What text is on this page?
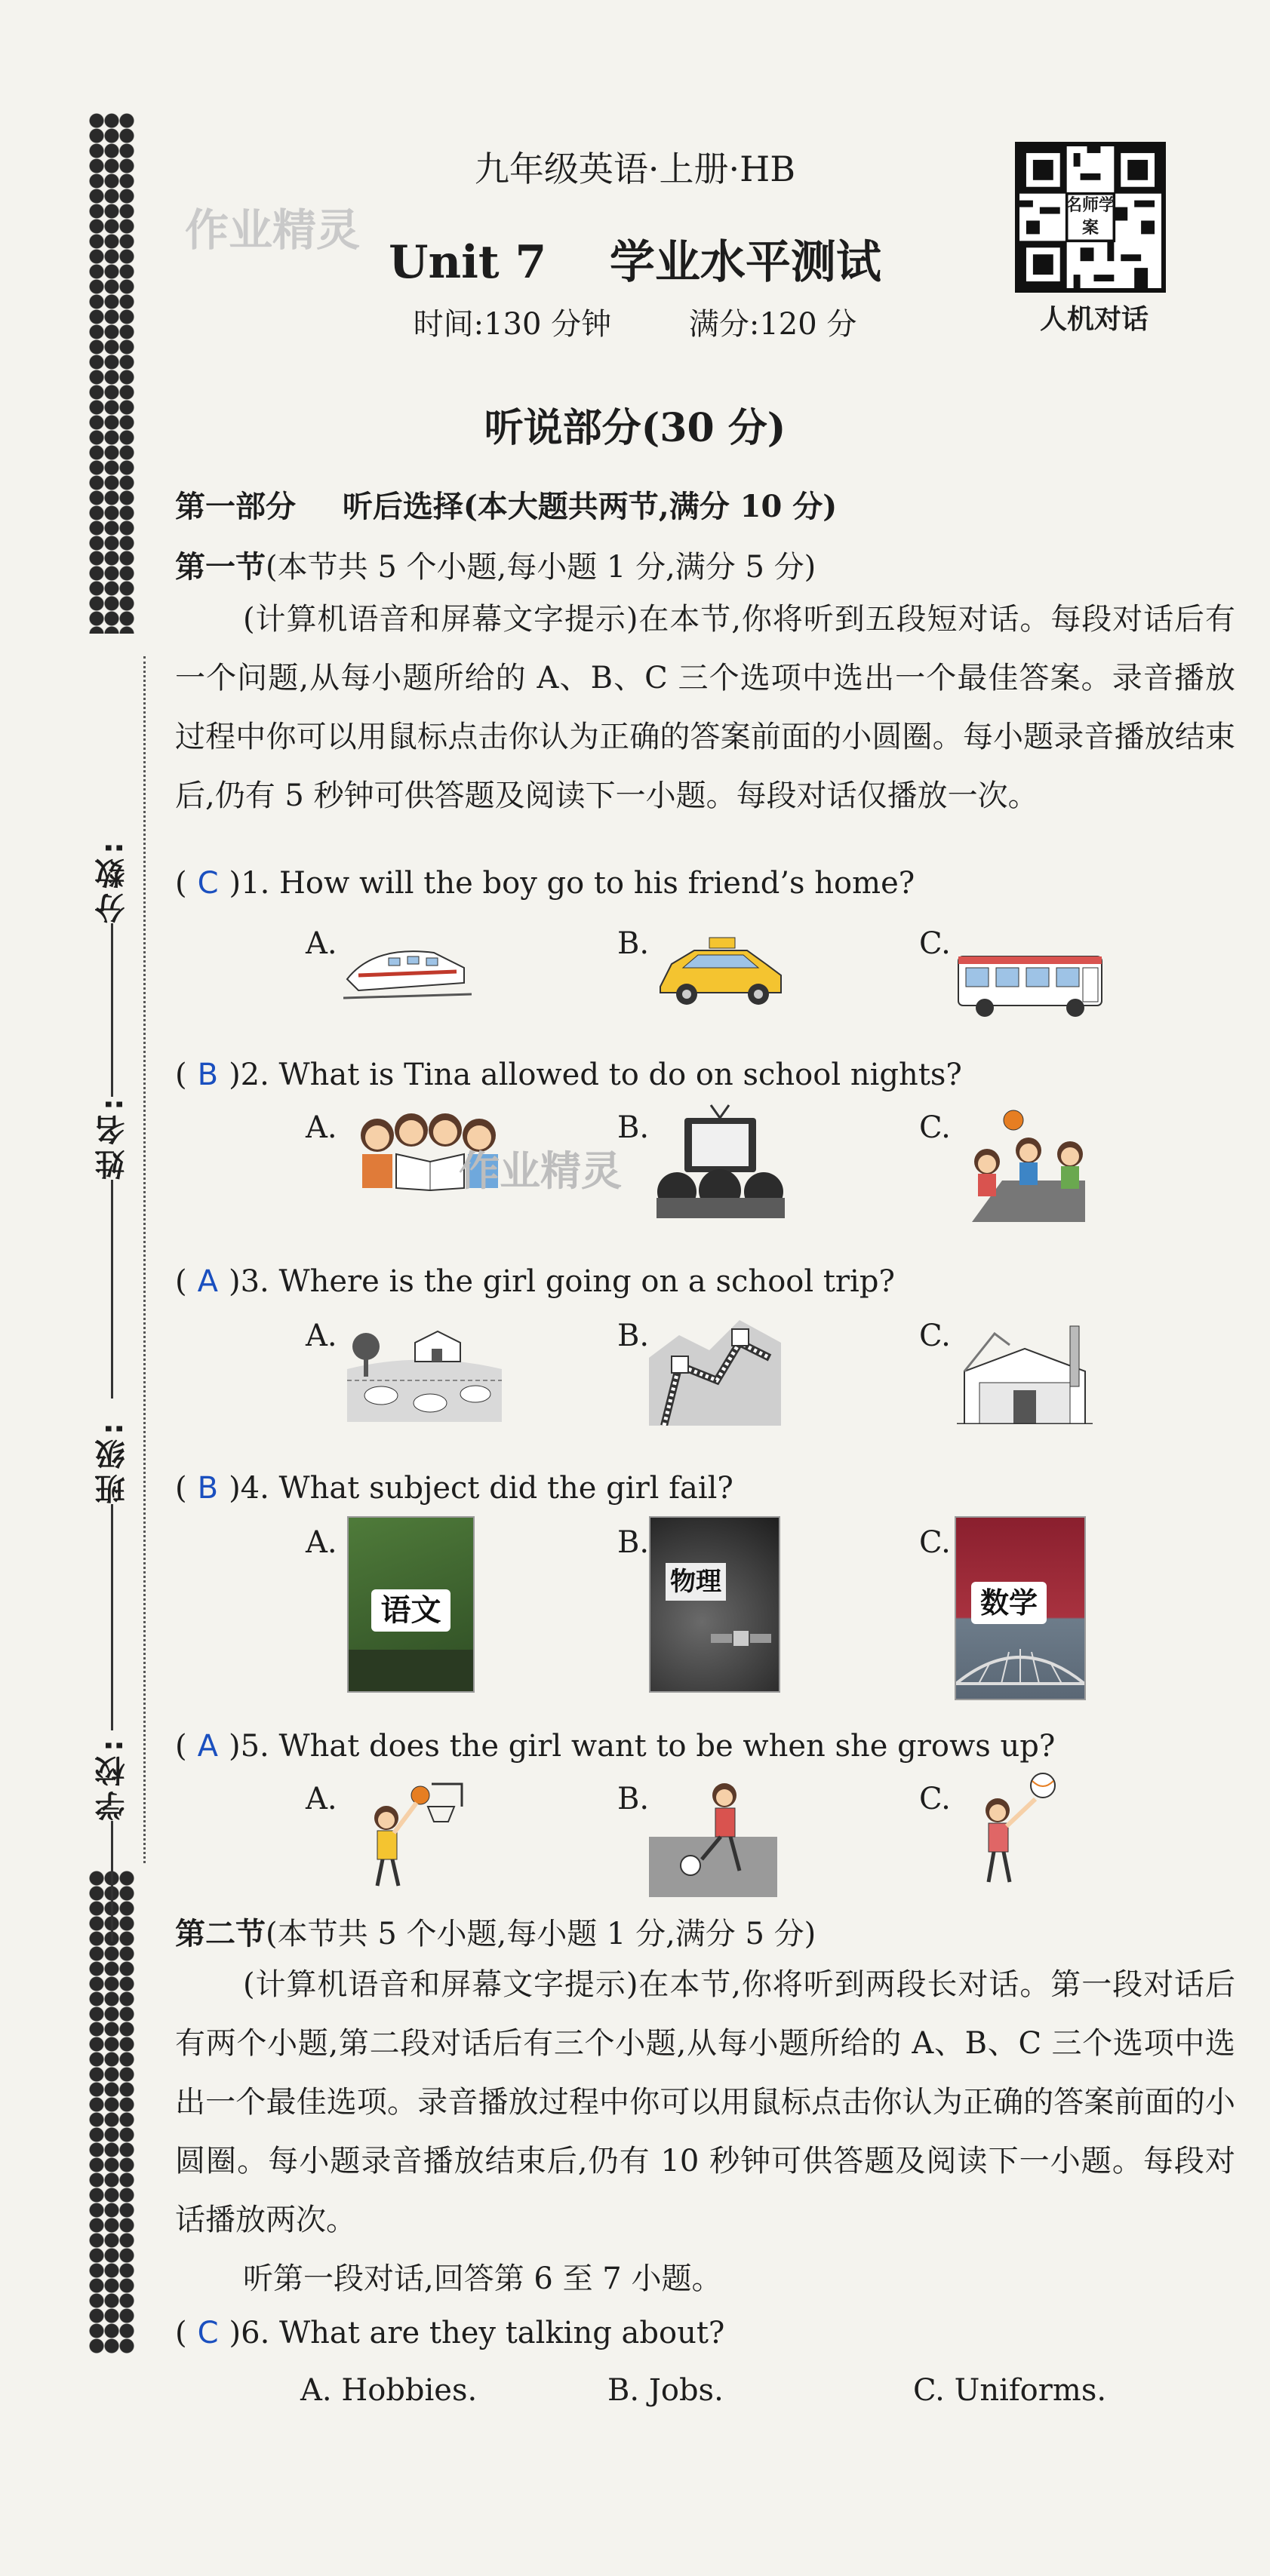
分数:
姓名:
班级:
学校:
作业精灵
九年级英语·上册·HB
Unit 7    学业水平测试
时间:130 分钟	满分:120 分
名师学案
人机对话
听说部分(30 分)
第一部分 听后选择(本大题共两节,满分 10 分)
第一节(本节共 5 个小题,每小题 1 分,满分 5 分)
(计算机语音和屏幕文字提示)在本节,你将听到五段短对话。每段对话后有一个问题,从每小题所给的 A、B、C 三个选项中选出一个最佳答案。录音播放过程中你可以用鼠标点击你认为正确的答案前面的小圆圈。每小题录音播放结束后,仍有 5 秒钟可供答题及阅读下一小题。每段对话仅播放一次。
( C )1. How will the boy go to his friend’s home?
A.	B.	C.
( B )2. What is Tina allowed to do on school nights?
A.	B.
作业精灵
C.
( A )3. Where is the girl going on a school trip?
A.	B.	C.
( B )4. What subject did the girl fail?
A.
语文
B.
物理
C.
数学
( A )5. What does the girl want to be when she grows up?
A.	B.	C.
第二节(本节共 5 个小题,每小题 1 分,满分 5 分)
(计算机语音和屏幕文字提示)在本节,你将听到两段长对话。第一段对话后有两个小题,第二段对话后有三个小题,从每小题所给的 A、B、C 三个选项中选出一个最佳选项。录音播放过程中你可以用鼠标点击你认为正确的答案前面的小圆圈。每小题录音播放结束后,仍有 10 秒钟可供答题及阅读下一小题。每段对话播放两次。
听第一段对话,回答第 6 至 7 小题。
( C )6. What are they talking about?
A. Hobbies.	B. Jobs.	C. Uniforms.
